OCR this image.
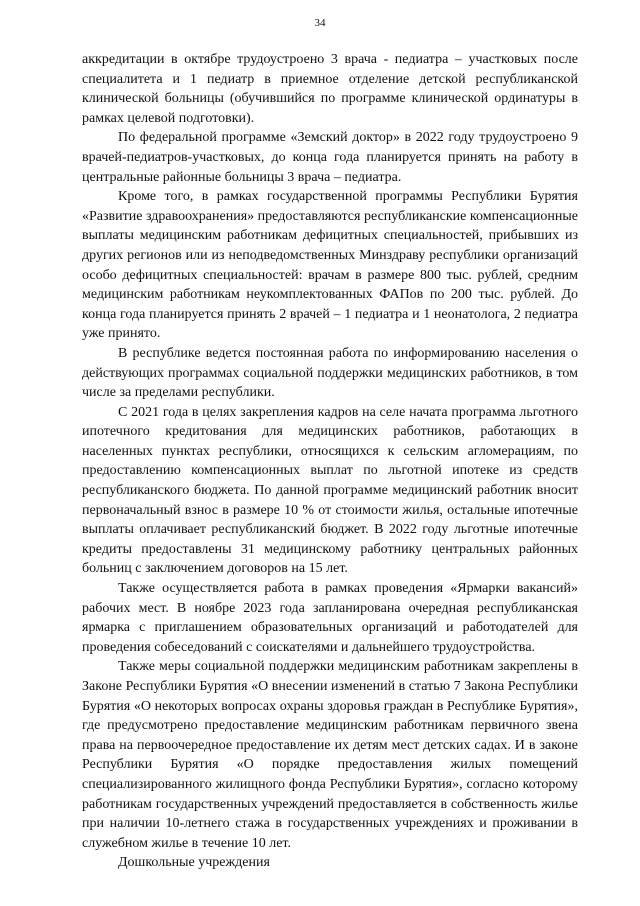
34

аккредитации в октябре трудоустроено 3 врача - педиатра – участковых после специалитета и 1 педиатр в приемное отделение детской республиканской клинической больницы (обучившийся по программе клинической ординатуры в рамках целевой подготовки).

По федеральной программе «Земский доктор» в 2022 году трудоустроено 9 врачей-педиатров-участковых, до конца года планируется принять на работу в центральные районные больницы 3 врача – педиатра.

Кроме того, в рамках государственной программы Республики Бурятия «Развитие здравоохранения» предоставляются республиканские компенсационные выплаты медицинским работникам дефицитных специальностей, прибывших из других регионов или из неподведомственных Минздраву республики организаций особо дефицитных специальностей: врачам в размере 800 тыс. рублей, средним медицинским работникам неукомплектованных ФАПов по 200 тыс. рублей. До конца года планируется принять 2 врачей – 1 педиатра и 1 неонатолога, 2 педиатра уже принято.

В республике ведется постоянная работа по информированию населения о действующих программах социальной поддержки медицинских работников, в том числе за пределами республики.

С 2021 года в целях закрепления кадров на селе начата программа льготного ипотечного кредитования для медицинских работников, работающих в населенных пунктах республики, относящихся к сельским агломерациям, по предоставлению компенсационных выплат по льготной ипотеке из средств республиканского бюджета. По данной программе медицинский работник вносит первоначальный взнос в размере 10 % от стоимости жилья, остальные ипотечные выплаты оплачивает республиканский бюджет. В 2022 году льготные ипотечные кредиты предоставлены 31 медицинскому работнику центральных районных больниц с заключением договоров на 15 лет.

Также осуществляется работа в рамках проведения «Ярмарки вакансий» рабочих мест. В ноябре 2023 года запланирована очередная республиканская ярмарка с приглашением образовательных организаций и работодателей для проведения собеседований с соискателями и дальнейшего трудоустройства.

Также меры социальной поддержки медицинским работникам закреплены в Законе Республики Бурятия «О внесении изменений в статью 7 Закона Республики Бурятия «О некоторых вопросах охраны здоровья граждан в Республике Бурятия», где предусмотрено предоставление медицинским работникам первичного звена права на первоочередное предоставление их детям мест детских садах. И в законе Республики Бурятия «О порядке предоставления жилых помещений специализированного жилищного фонда Республики Бурятия», согласно которому работникам государственных учреждений предоставляется в собственность жилье при наличии 10-летнего стажа в государственных учреждениях и проживании в служебном жилье в течение 10 лет.

Дошкольные учреждения
